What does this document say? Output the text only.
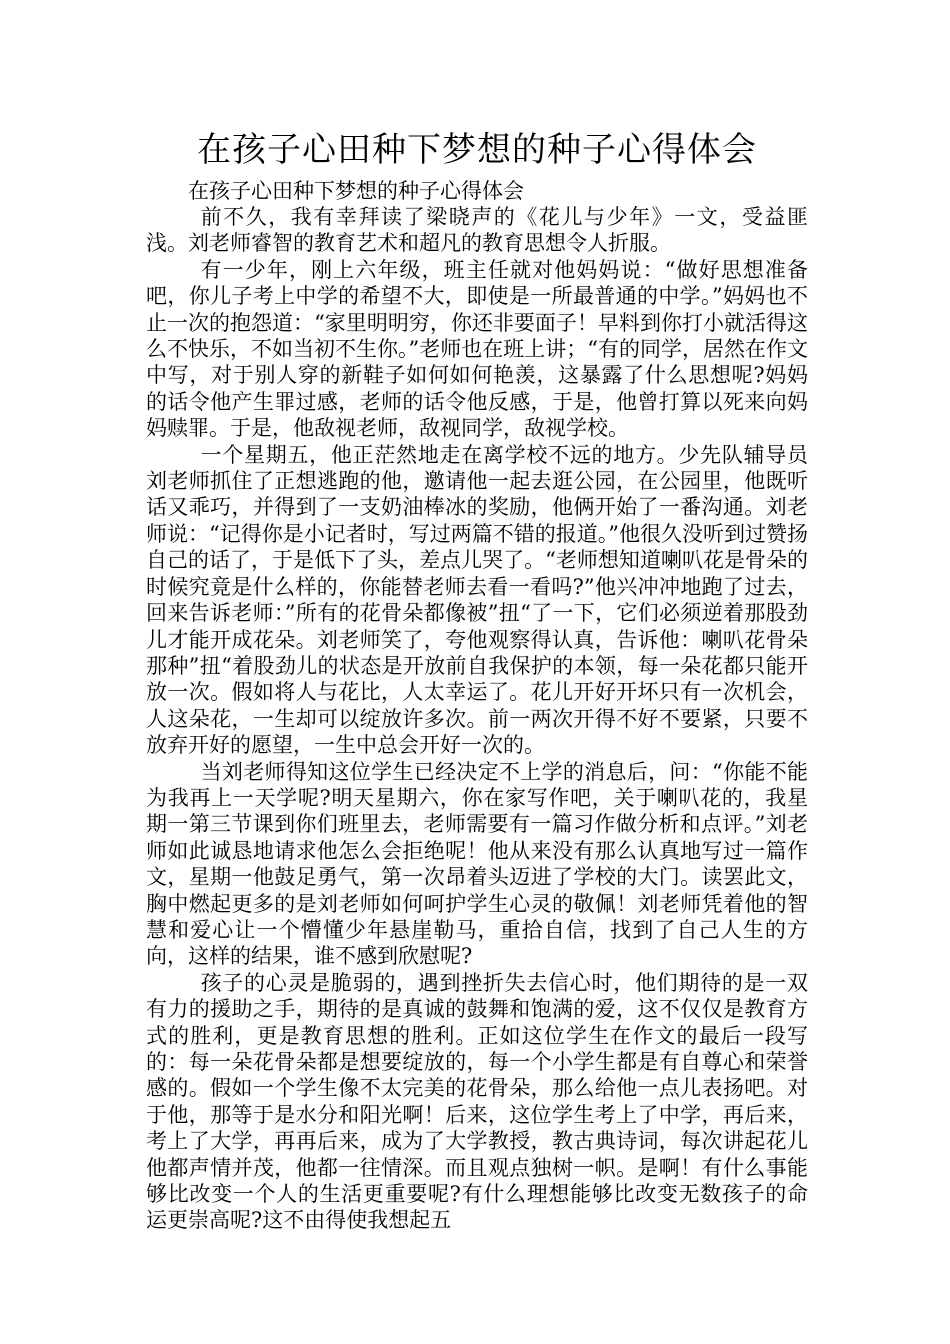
在孩子心田种下梦想的种子心得体会

在孩子心田种下梦想的种子心得体会

前不久，我有幸拜读了梁晓声的《花儿与少年》一文，受益匪浅。刘老师睿智的教育艺术和超凡的教育思想令人折服。

有一少年，刚上六年级，班主任就对他妈妈说：“做好思想准备吧，你儿子考上中学的希望不大，即使是一所最普通的中学。”妈妈也不止一次的抱怨道：“家里明明穷，你还非要面子！早料到你打小就活得这么不快乐，不如当初不生你。”老师也在班上讲；“有的同学，居然在作文中写，对于别人穿的新鞋子如何如何艳羡，这暴露了什么思想呢?妈妈的话令他产生罪过感，老师的话令他反感，于是，他曾打算以死来向妈妈赎罪。于是，他敌视老师，敌视同学，敌视学校。

一个星期五，他正茫然地走在离学校不远的地方。少先队辅导员刘老师抓住了正想逃跑的他，邀请他一起去逛公园，在公园里，他既听话又乖巧，并得到了一支奶油棒冰的奖励，他俩开始了一番沟通。刘老师说：“记得你是小记者时，写过两篇不错的报道。”他很久没听到过赞扬自己的话了，于是低下了头，差点儿哭了。“老师想知道喇叭花是骨朵的时候究竟是什么样的，你能替老师去看一看吗?”他兴冲冲地跑了过去，回来告诉老师：”所有的花骨朵都像被”扭“了一下，它们必须逆着那股劲儿才能开成花朵。刘老师笑了，夸他观察得认真，告诉他：喇叭花骨朵那种”扭“着股劲儿的状态是开放前自我保护的本领，每一朵花都只能开放一次。假如将人与花比，人太幸运了。花儿开好开坏只有一次机会，人这朵花，一生却可以绽放许多次。前一两次开得不好不要紧，只要不放弃开好的愿望，一生中总会开好一次的。

当刘老师得知这位学生已经决定不上学的消息后，问：“你能不能为我再上一天学呢?明天星期六，你在家写作吧，关于喇叭花的，我星期一第三节课到你们班里去，老师需要有一篇习作做分析和点评。”刘老师如此诚恳地请求他怎么会拒绝呢！他从来没有那么认真地写过一篇作文，星期一他鼓足勇气，第一次昂着头迈进了学校的大门。读罢此文，胸中燃起更多的是刘老师如何呵护学生心灵的敬佩！刘老师凭着他的智慧和爱心让一个懵懂少年悬崖勒马，重拾自信，找到了自己人生的方向，这样的结果，谁不感到欣慰呢?

孩子的心灵是脆弱的，遇到挫折失去信心时，他们期待的是一双有力的援助之手，期待的是真诚的鼓舞和饱满的爱，这不仅仅是教育方式的胜利，更是教育思想的胜利。正如这位学生在作文的最后一段写的：每一朵花骨朵都是想要绽放的，每一个小学生都是有自尊心和荣誉感的。假如一个学生像不太完美的花骨朵，那么给他一点儿表扬吧。对于他，那等于是水分和阳光啊！后来，这位学生考上了中学，再后来，考上了大学，再再后来，成为了大学教授，教古典诗词，每次讲起花儿他都声情并茂，他都一往情深。而且观点独树一帜。是啊！有什么事能够比改变一个人的生活更重要呢?有什么理想能够比改变无数孩子的命运更崇高呢?这不由得使我想起五
